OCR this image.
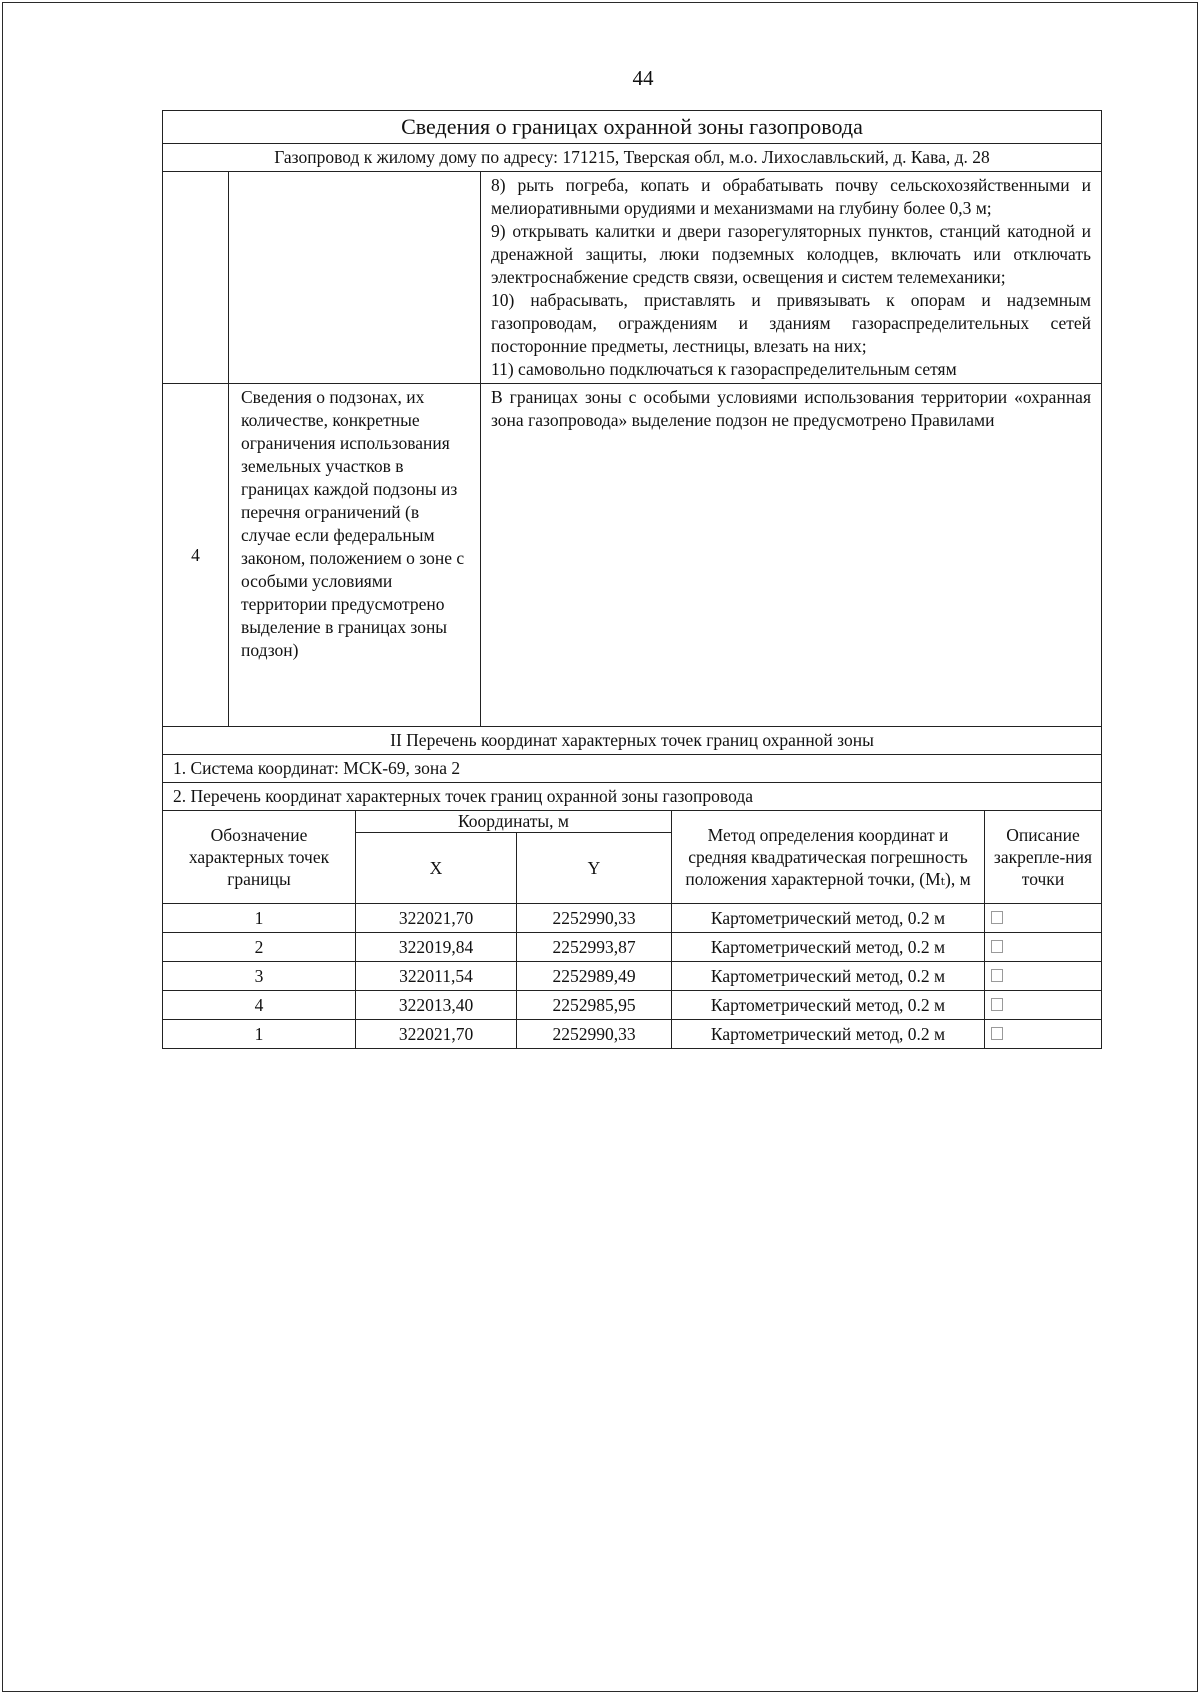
44
Сведения о границах охранной зоны газопровода		
Газопровод к жилому дому по адресу: 171215, Тверская обл, м.о. Лихославльский, д. Кава, д. 28		

		8) рыть погреба, копать и обрабатывать почву сельскохозяйственными и мелиоративными орудиями и механизмами на глубину более 0,3 м;

9) открывать калитки и двери газорегуляторных пунктов, станций катодной и дренажной защиты, люки подземных колодцев, включать или отключать электроснабжение средств связи, освещения и систем телемеханики;

10) набрасывать, приставлять и привязывать к опорам и надземным газопроводам, ограждениям и зданиям газораспределительных сетей посторонние предметы, лестницы, влезать на них;

11) самовольно подключаться к газораспределительным сетям

4	Сведения о подзонах, их количестве, конкретные ограничения использования земельных участков в границах каждой подзоны из перечня ограничений (в случае если федеральным законом, положением о зоне с особыми условиями территории предусмотрено выделение в границах зоны подзон)	В границах зоны с особыми условиями использования территории «охранная зона газопровода» выделение подзон не предусмотрено Правилами
II Перечень координат характерных точек границ охранной зоны		
1. Система координат: МСК-69, зона 2		
2. Перечень координат характерных точек границ охранной зоны газопровода		
Обозначение характерных точек границы	Координаты, м		Метод определения координат и средняя квадратическая погрешность положения характерной точки, (Mₜ), м	Описание закрепле-ния точки
	X	Y		
1	322021,70	2252990,33	Картометрический метод, 0.2 м	
2	322019,84	2252993,87	Картометрический метод, 0.2 м	
3	322011,54	2252989,49	Картометрический метод, 0.2 м	
4	322013,40	2252985,95	Картометрический метод, 0.2 м	
1	322021,70	2252990,33	Картометрический метод, 0.2 м	
